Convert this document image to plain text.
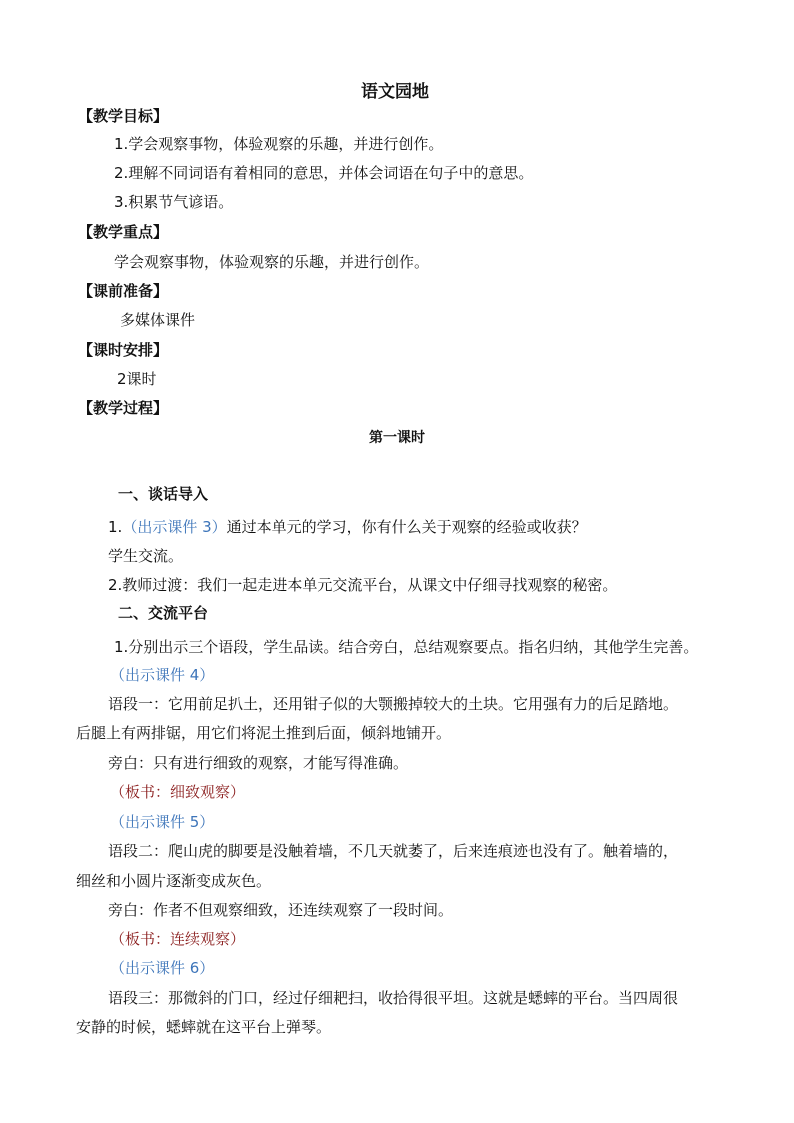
语文园地
【教学目标】
1.学会观察事物，体验观察的乐趣，并进行创作。
2.理解不同词语有着相同的意思，并体会词语在句子中的意思。
3.积累节气谚语。
【教学重点】
学会观察事物，体验观察的乐趣，并进行创作。
【课前准备】
多媒体课件
【课时安排】
2课时
【教学过程】
第一课时
一、谈话导入
1.（出示课件 3）通过本单元的学习，你有什么关于观察的经验或收获？
学生交流。
2.教师过渡：我们一起走进本单元交流平台，从课文中仔细寻找观察的秘密。
二、交流平台
1.分别出示三个语段，学生品读。结合旁白，总结观察要点。指名归纳，其他学生完善。
（出示课件 4）
语段一：它用前足扒土，还用钳子似的大颚搬掉较大的土块。它用强有力的后足踏地。
后腿上有两排锯，用它们将泥土推到后面，倾斜地铺开。
旁白：只有进行细致的观察，才能写得准确。
（板书：细致观察）
（出示课件 5）
语段二：爬山虎的脚要是没触着墙，不几天就萎了，后来连痕迹也没有了。触着墙的，
细丝和小圆片逐渐变成灰色。
旁白：作者不但观察细致，还连续观察了一段时间。
（板书：连续观察）
（出示课件 6）
语段三：那微斜的门口，经过仔细耙扫，收拾得很平坦。这就是蟋蟀的平台。当四周很
安静的时候，蟋蟀就在这平台上弹琴。
